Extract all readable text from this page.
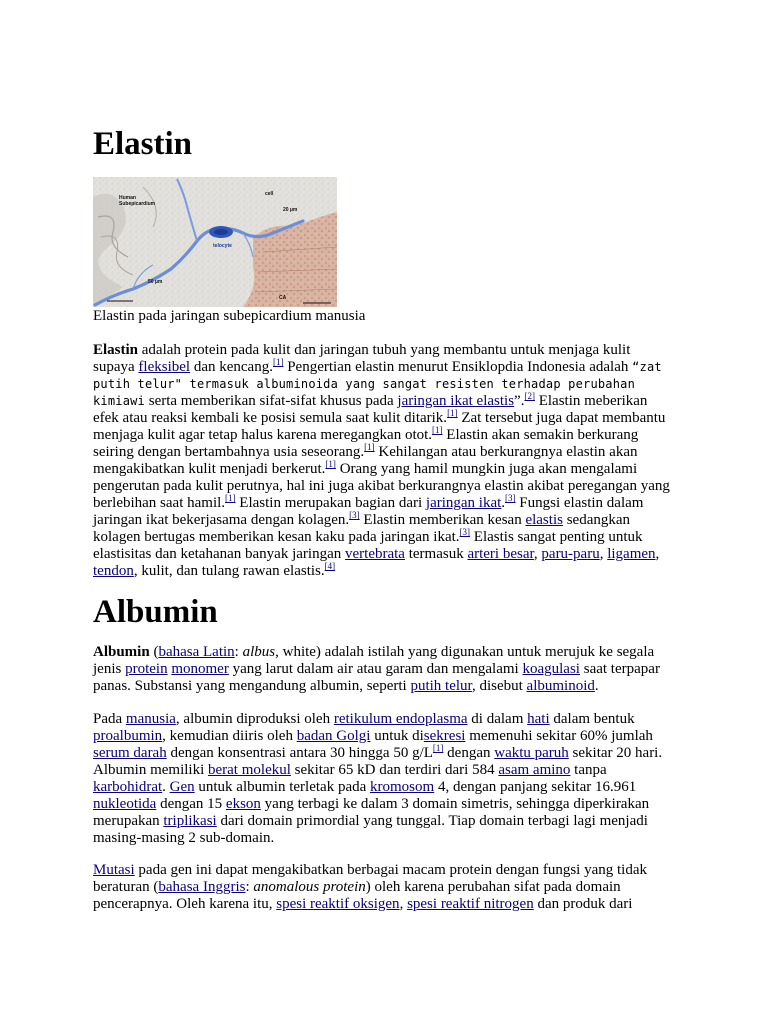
Elastin
Human
Subepicardium
cell
20 µm
telocyte
50 µm
CA

Elastin pada jaringan subepicardium manusia

Elastin adalah protein pada kulit dan jaringan tubuh yang membantu untuk menjaga kulit supaya fleksibel dan kencang.[1] Pengertian elastin menurut Ensiklopdia Indonesia adalah “zat putih telur" termasuk albuminoida yang sangat resisten terhadap perubahan kimiawi serta memberikan sifat-sifat khusus pada jaringan ikat elastis”.[2] Elastin meberikan efek atau reaksi kembali ke posisi semula saat kulit ditarik.[1] Zat tersebut juga dapat membantu menjaga kulit agar tetap halus karena meregangkan otot.[1] Elastin akan semakin berkurang seiring dengan bertambahnya usia seseorang.[1] Kehilangan atau berkurangnya elastin akan mengakibatkan kulit menjadi berkerut.[1] Orang yang hamil mungkin juga akan mengalami pengerutan pada kulit perutnya, hal ini juga akibat berkurangnya elastin akibat peregangan yang berlebihan saat hamil.[1] Elastin merupakan bagian dari jaringan ikat.[3] Fungsi elastin dalam jaringan ikat bekerjasama dengan kolagen.[3] Elastin memberikan kesan elastis sedangkan kolagen bertugas memberikan kesan kaku pada jaringan ikat.[3] Elastis sangat penting untuk elastisitas dan ketahanan banyak jaringan vertebrata termasuk arteri besar, paru-paru, ligamen, tendon, kulit, dan tulang rawan elastis.[4]

Albumin

Albumin (bahasa Latin: albus, white) adalah istilah yang digunakan untuk merujuk ke segala jenis protein monomer yang larut dalam air atau garam dan mengalami koagulasi saat terpapar panas. Substansi yang mengandung albumin, seperti putih telur, disebut albuminoid.

Pada manusia, albumin diproduksi oleh retikulum endoplasma di dalam hati dalam bentuk proalbumin, kemudian diiris oleh badan Golgi untuk disekresi memenuhi sekitar 60% jumlah serum darah dengan konsentrasi antara 30 hingga 50 g/L[1] dengan waktu paruh sekitar 20 hari. Albumin memiliki berat molekul sekitar 65 kD dan terdiri dari 584 asam amino tanpa karbohidrat. Gen untuk albumin terletak pada kromosom 4, dengan panjang sekitar 16.961 nukleotida dengan 15 ekson yang terbagi ke dalam 3 domain simetris, sehingga diperkirakan merupakan triplikasi dari domain primordial yang tunggal. Tiap domain terbagi lagi menjadi masing-masing 2 sub-domain.

Mutasi pada gen ini dapat mengakibatkan berbagai macam protein dengan fungsi yang tidak beraturan (bahasa Inggris: anomalous protein) oleh karena perubahan sifat pada domain pencerapnya. Oleh karena itu, spesi reaktif oksigen, spesi reaktif nitrogen dan produk dari
